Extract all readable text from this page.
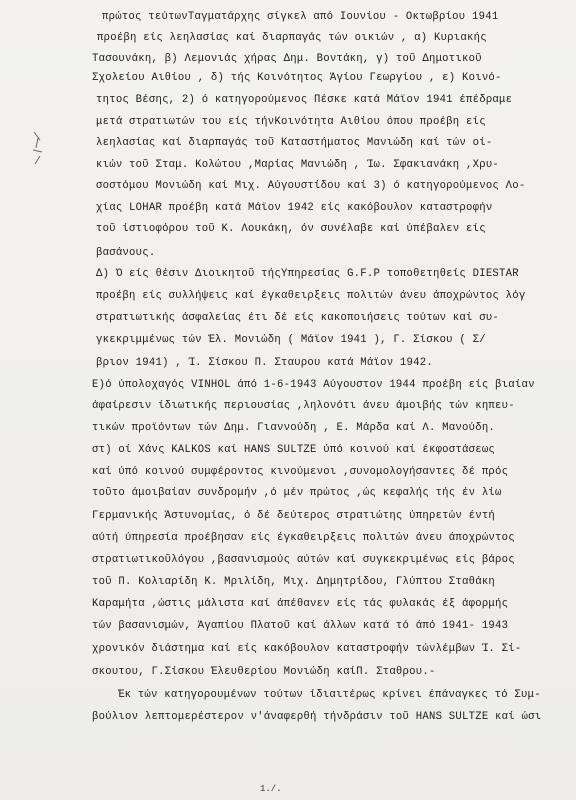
πρώτος τεύτωνΤαγματάρχης σίγκελ από Ιουνίου - Οκτωβρίου 1941
προέβη είς λεηλασίας καί διαρπαγάς τών οικιών , α) Κυριακής
Τασουνάκη, β) Λεμονιάς χήρας Δημ. Βοντάκη, γ) τοῦ Δημοτικοῦ
Σχολείου Αιθίου , δ) τής Κοινότητος Άγίου Γεωργίου , ε) Κοινό-
τητος Βέσης, 2) ό κατηγορούμενος Πέσκε κατά Μάϊον 1941 έπέδραμε
μετά στρατιωτών του είς τήνΚοινότητα Αιθίου όπου προέβη είς
λεηλασίας καί διαρπαγάς τοῦ Καταστήματος Μανιώδη καί τών οί-
κιών τοῦ Σταμ. Κολώτου ,Μαρίας Μανιώδη , Ίω. Σφακιανάκη ,Χρυ-
σοστόμου Μονιώδη καί Μιχ. Αύγουστίδου καί 3) ό κατηγορούμενος Λο-
χίας LOHAR προέβη κατά Μάϊον 1942 είς κακόβουλον καταστροφήν
τοῦ ίστιοφόρου τοῦ Κ. Λουκάκη, όν συνέλαβε καί ύπέβαλεν είς
βασάνους.
Δ) Ό είς θέσιν Διοικητοῦ τήςΥπηρεσίας G.F.P τοποθετηθείς DIESTAR
προέβη είς συλλήψεις καί έγκαθειρξεις πολιτών άνευ άποχρώντος λόγ
στρατιωτικής άσφαλείας έτι δέ είς κακοποιήσεις τούτων καί συ-
γκεκριμμένως τών Έλ. Μονιώδη ( Μάϊον 1941 ), Γ. Σίσκου ( Σ/
βριον 1941) , Ί. Σίσκου Π. Σταυρου κατά Μάϊον 1942.
Ε)ό ύπολοχαγός VINHOL άπό 1-6-1943 Αύγουστον 1944 προέβη είς βιαίαν
άφαίρεσιν ίδιωτικής περιουσίας ,ληλονότι άνευ άμοιβής τών κηπευ-
τικών προϊόντων τών Δημ. Γιαννούδη , Ε. Μάρδα καί Λ. Μανούδη.
στ) οί Χάνς KALKOS καί HANS SULTZE ύπό κοινού καί έκφοστάσεως
καί ύπό κοινού συμφέροντος κινούμενοι ,συνομολογήσαντες δέ πρός
τοῦτο άμοιβαίαν συνδρομήν ,ό μέν πρώτος ,ώς κεφαλής τής έν λίω
Γερμανικής Άστυνομίας, ό δέ δεύτερος στρατιώτης ύπηρετών έντή
αύτή ύπηρεσία προέβησαν είς έγκαθειρξεις πολιτών άνευ άποχρώντος
στρατιωτικοῦλόγου ,βασανισμούς αύτών καί συγκεκριμένως είς βάρος
τοῦ Π. Κολιαρίδη Κ. Μριλίδη, Μιχ. Δημητρίδου, Γλύπτου Σταθάκη
Καραμήτα ,ώστις μάλιστα καί άπέθανεν είς τάς φυλακάς έξ άφορμής
τών βασανισμών, Άγαπίου Πλατοῦ καί άλλων κατά τό άπό 1941- 1943
χρονικόν διάστημα καί είς κακόβουλον καταστροφήν τώνλέμβων Ί. Σί-
σκουτου, Γ.Σίσκου Έλευθερίου Μονιώδη καίΠ. Σταθρου.-
Έκ τών κατηγορουμένων τούτων ίδιαιτέρως κρίνει έπάναγκες τό Συμ-
βούλιον λεπτομερέστερον ν'άναφερθή τήνδράσιν τοῦ HANS SULTZE καί ώσι
1./.
